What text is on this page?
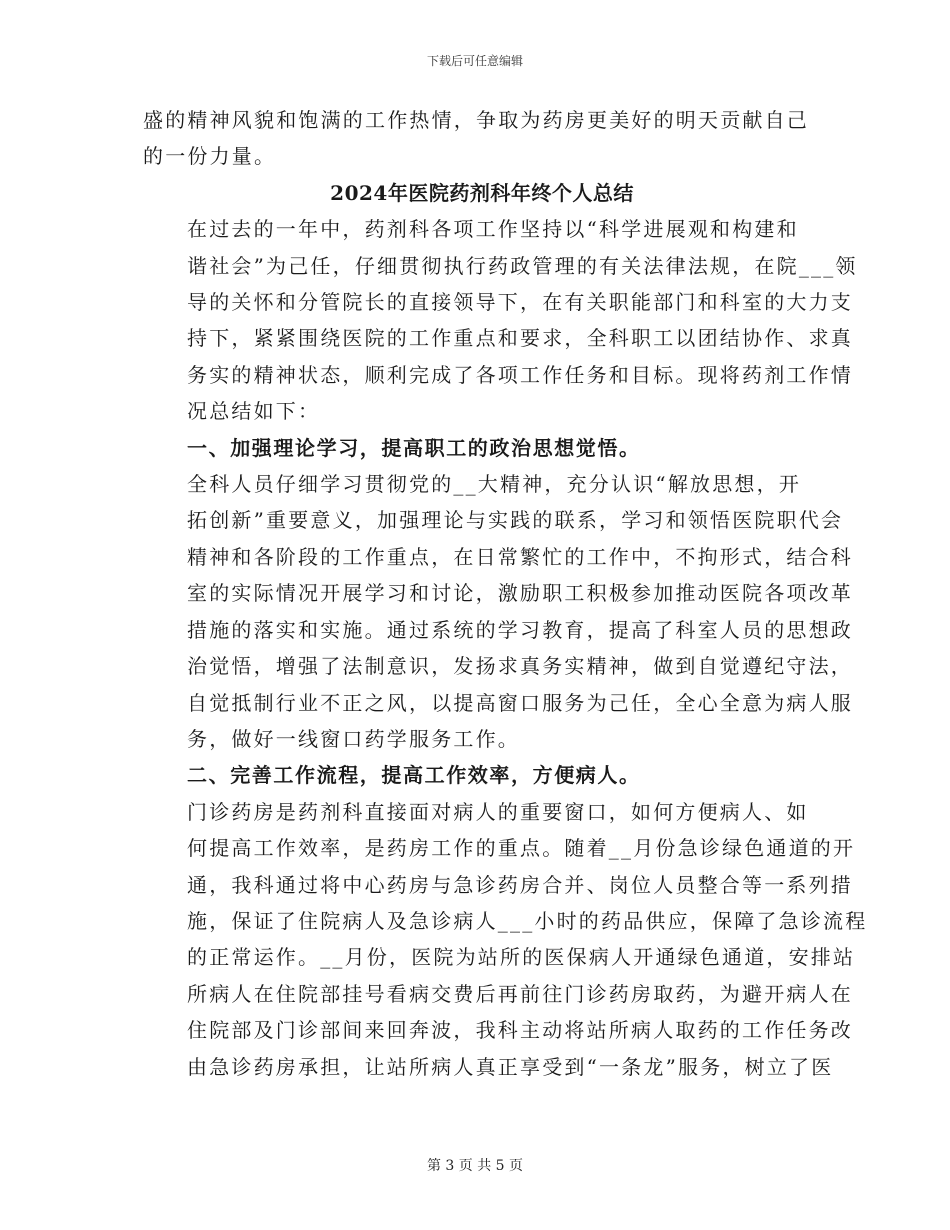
下载后可任意编辑

盛的精神风貌和饱满的工作热情，争取为药房更美好的明天贡献自己
的一份力量。

2024年医院药剂科年终个人总结

在过去的一年中，药剂科各项工作坚持以“科学进展观和构建和
谐社会”为己任，仔细贯彻执行药政管理的有关法律法规，在院___领
导的关怀和分管院长的直接领导下，在有关职能部门和科室的大力支
持下，紧紧围绕医院的工作重点和要求，全科职工以团结协作、求真
务实的精神状态，顺利完成了各项工作任务和目标。现将药剂工作情
况总结如下：

一、加强理论学习，提高职工的政治思想觉悟。

全科人员仔细学习贯彻党的__大精神，充分认识“解放思想，开
拓创新”重要意义，加强理论与实践的联系，学习和领悟医院职代会
精神和各阶段的工作重点，在日常繁忙的工作中，不拘形式，结合科
室的实际情况开展学习和讨论，激励职工积极参加推动医院各项改革
措施的落实和实施。通过系统的学习教育，提高了科室人员的思想政
治觉悟，增强了法制意识，发扬求真务实精神，做到自觉遵纪守法，
自觉抵制行业不正之风，以提高窗口服务为己任，全心全意为病人服
务，做好一线窗口药学服务工作。

二、完善工作流程，提高工作效率，方便病人。

门诊药房是药剂科直接面对病人的重要窗口，如何方便病人、如
何提高工作效率，是药房工作的重点。随着__月份急诊绿色通道的开
通，我科通过将中心药房与急诊药房合并、岗位人员整合等一系列措
施，保证了住院病人及急诊病人___小时的药品供应，保障了急诊流程
的正常运作。__月份，医院为站所的医保病人开通绿色通道，安排站
所病人在住院部挂号看病交费后再前往门诊药房取药，为避开病人在
住院部及门诊部间来回奔波，我科主动将站所病人取药的工作任务改
由急诊药房承担，让站所病人真正享受到“一条龙”服务，树立了医

第 3 页 共 5 页
